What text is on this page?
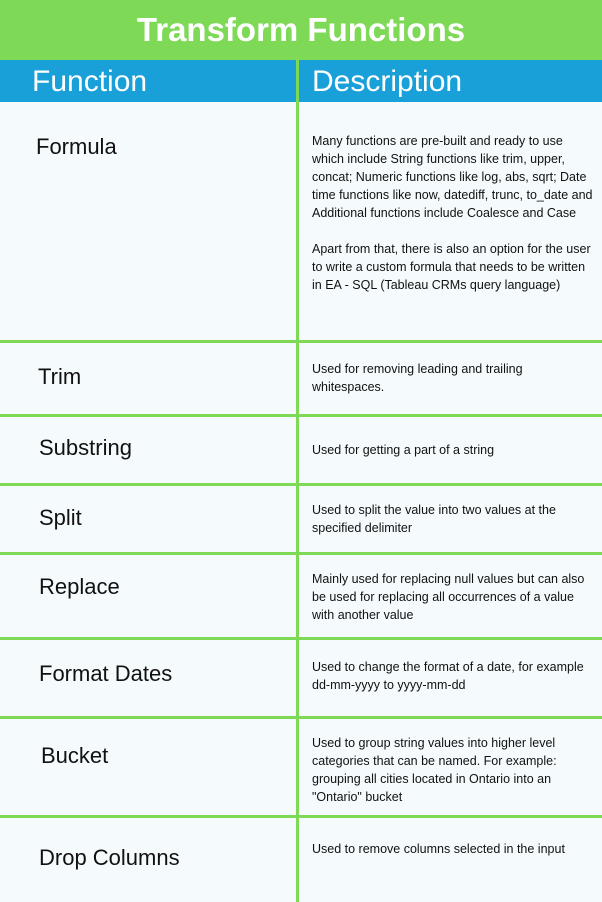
Transform Functions
Function	Description
Formula	Many functions are pre-built and ready to use which include String functions like trim, upper, concat; Numeric functions like log, abs, sqrt; Date time functions like now, datediff, trunc, to_date and Additional functions include Coalesce and Case

Apart from that, there is also an option for the user to write a custom formula that needs to be written in EA - SQL (Tableau CRMs query language)

Trim	Used for removing leading and trailing whitespaces.

Substring	Used for getting a part of a string

Split	Used to split the value into two values at the specified delimiter

Replace	Mainly used for replacing null values but can also be used for replacing all occurrences of a value with another value

Format Dates	Used to change the format of a date, for example dd-mm-yyyy to yyyy-mm-dd

Bucket	Used to group string values into higher level categories that can be named. For example: grouping all cities located in Ontario into an "Ontario" bucket

Drop Columns	Used to remove columns selected in the input
